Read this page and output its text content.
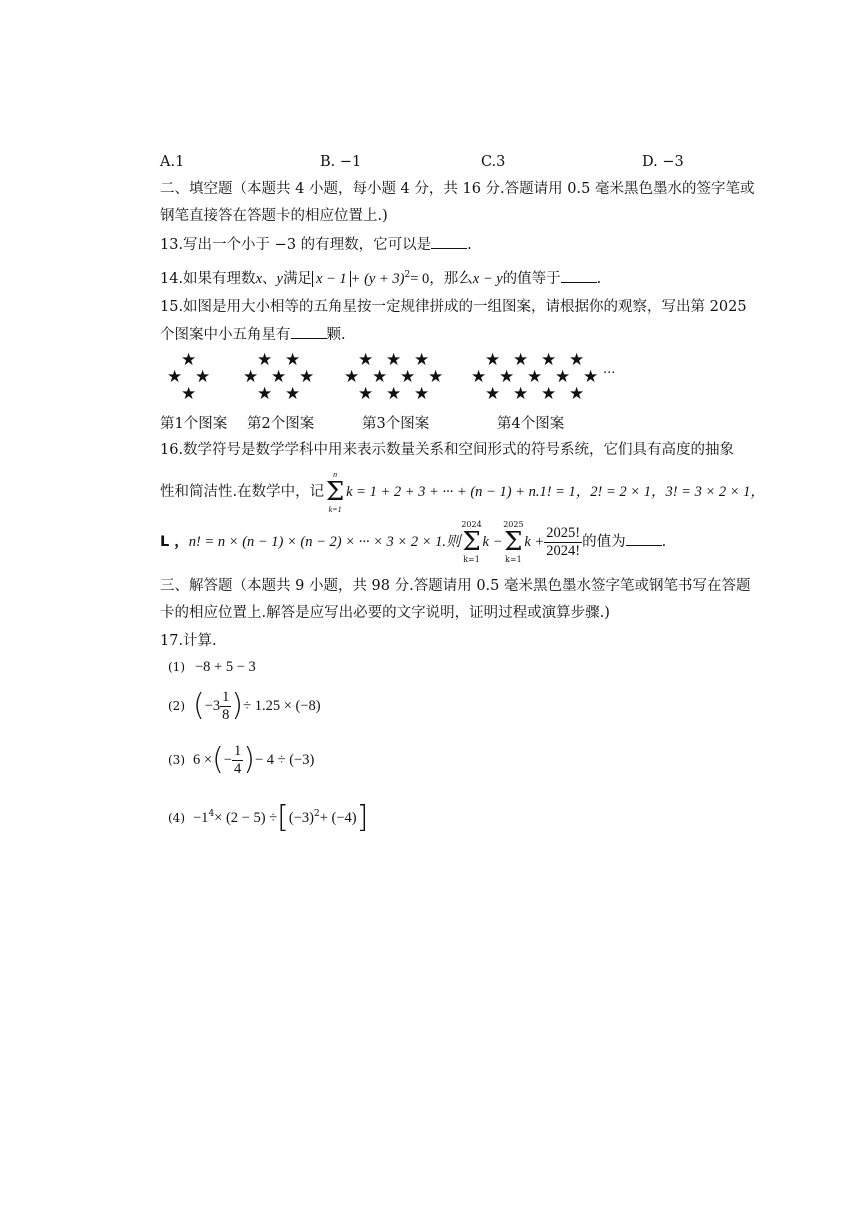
A.1	B. −1	C.3	D. −3
二、填空题（本题共 4 小题，每小题 4 分，共 16 分.答题请用 0.5 毫米黑色墨水的签字笔或
钢笔直接答在答题卡的相应位置上.)
13.写出一个小于 −3 的有理数，它可以是 .
14.如果有理数x、y满足 $x - 1 + (y + 3)^2= 0$，那么x − y的值等于 .
15.如图是用大小相等的五角星按一定规律拼成的一组图案，请根据你的观察，写出第 2025
个图案中小五角星有 颗.
···
★
★ ★
★
★ ★
★ ★ ★
★ ★
★ ★ ★
★ ★ ★ ★
★ ★ ★
★ ★ ★ ★
★ ★ ★ ★ ★
★ ★ ★ ★
第1个图案 第2个图案	第3个图案	第4个图案
16.数学符号是数学学科中用来表示数量关系和空间形式的符号系统，它们具有高度的抽象
性和简洁性.在数学中，记
n
Σ
k=1
k = 1 + 2 + 3 + ··· + (n − 1) + n.1! = 1，2! = 2 × 1，3! = 3 × 2 × 1，
L ，n! = n × (n − 1) × (n − 2) × ··· × 3 × 2 × 1.则
2024
Σ
k=1
k −
2025
Σ
k=1
$k + \frac{2025!}{2024!}$ 的值为 .
三、解答题（本题共 9 小题，共 98 分.答题请用 0.5 毫米黑色墨水签字笔或钢笔书写在答题
卡的相应位置上.解答是应写出必要的文字说明，证明过程或演算步骤.)
17.计算.
(1) −8 + 5 − 3
(2) ($-3 \frac{1}{8}$ )÷ 1.25 × (−8)
(3) 6 ×(− $\frac{1}{4}$ )− 4 ÷ (−3)
$(4) -1^4\times (2 - 5) \div[(-3)^2+ (-4)]$
